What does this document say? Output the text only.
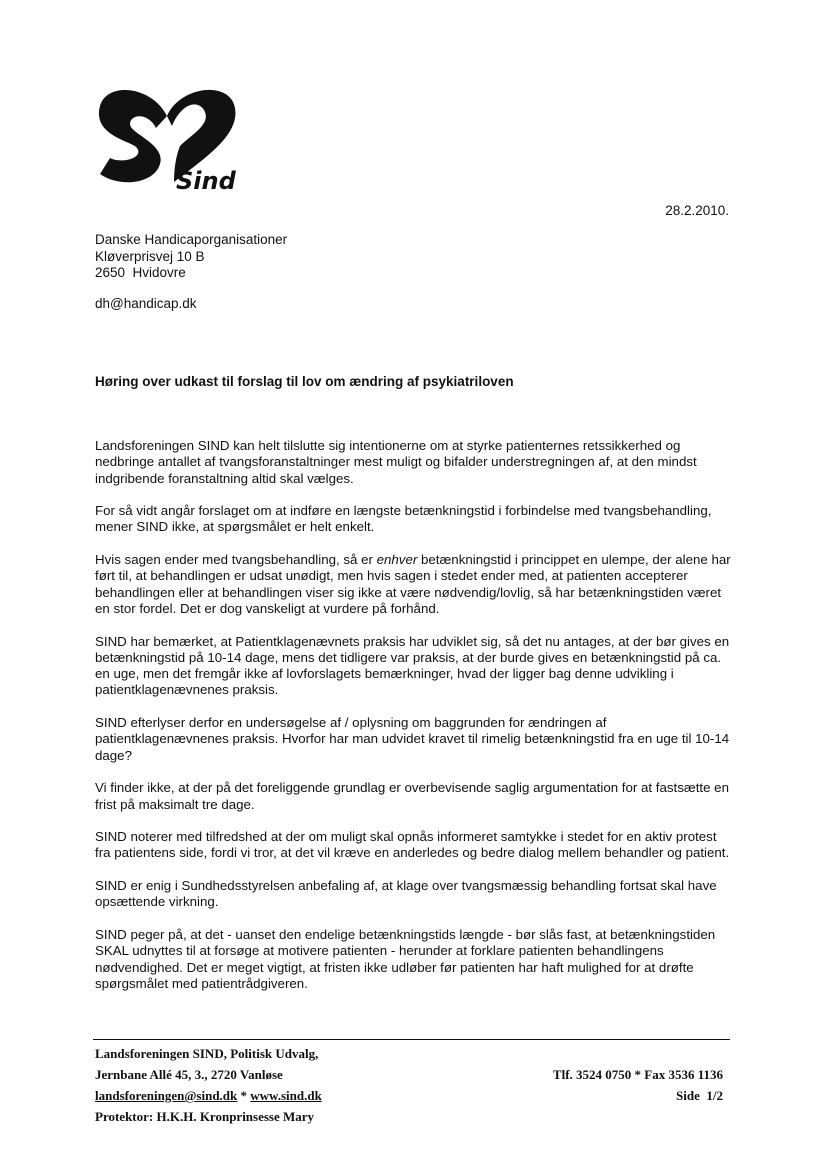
Sind
28.2.2010.
Danske Handicaporganisationer
Kløverprisvej 10 B
2650  Hvidovre
dh@handicap.dk
Høring over udkast til forslag til lov om ændring af psykiatriloven

Landsforeningen SIND kan helt tilslutte sig intentionerne om at styrke patienternes retssikkerhed og nedbringe antallet af tvangsforanstaltninger mest muligt og bifalder understregningen af, at den mindst indgribende foranstaltning altid skal vælges.

For så vidt angår forslaget om at indføre en længste betænkningstid i forbindelse med tvangsbehandling, mener SIND ikke, at spørgsmålet er helt enkelt.

Hvis sagen ender med tvangsbehandling, så er enhver betænkningstid i princippet en ulempe, der alene har ført til, at behandlingen er udsat unødigt, men hvis sagen i stedet ender med, at patienten accepterer behandlingen eller at behandlingen viser sig ikke at være nødvendig/lovlig, så har betænkningstiden været en stor fordel. Det er dog vanskeligt at vurdere på forhånd.

SIND har bemærket, at Patientklagenævnets praksis har udviklet sig, så det nu antages, at der bør gives en betænkningstid på 10-14 dage, mens det tidligere var praksis, at der burde gives en betænkningstid på ca. en uge, men det fremgår ikke af lovforslagets bemærkninger, hvad der ligger bag denne udvikling i patientklagenævnenes praksis.

SIND efterlyser derfor en undersøgelse af / oplysning om baggrunden for ændringen af patientklagenævnenes praksis. Hvorfor har man udvidet kravet til rimelig betænkningstid fra en uge til 10-14 dage?

Vi finder ikke, at der på det foreliggende grundlag er overbevisende saglig argumentation for at fastsætte en frist på maksimalt tre dage.

SIND noterer med tilfredshed at der om muligt skal opnås informeret samtykke i stedet for en aktiv protest fra patientens side, fordi vi tror, at det vil kræve en anderledes og bedre dialog mellem behandler og patient.

SIND er enig i Sundhedsstyrelsen anbefaling af, at klage over tvangsmæssig behandling fortsat skal have opsættende virkning.

SIND peger på, at det - uanset den endelige betænkningstids længde - bør slås fast, at betænkningstiden SKAL udnyttes til at forsøge at motivere patienten - herunder at forklare patienten behandlingens nødvendighed. Det er meget vigtigt, at fristen ikke udløber før patienten har haft mulighed for at drøfte spørgsmålet med patientrådgiveren.

Landsforeningen SIND, Politisk Udvalg,
Jernbane Allé 45, 3., 2720 Vanløse
landsforeningen@sind.dk * www.sind.dk
Protektor: H.K.H. Kronprinsesse Mary
Tlf. 3524 0750 * Fax 3536 1136
Side  1/2
